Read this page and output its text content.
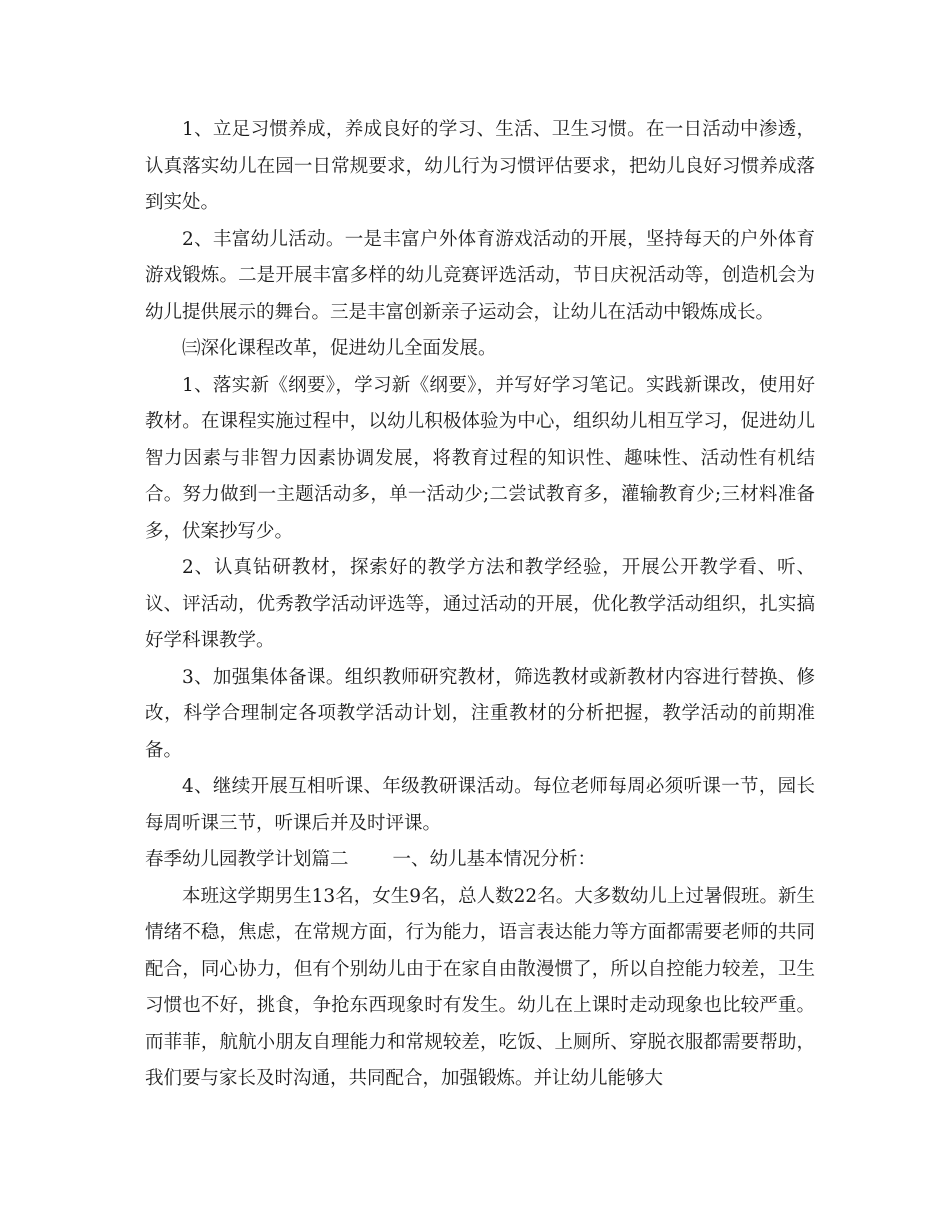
1、立足习惯养成，养成良好的学习、生活、卫生习惯。在一日活动中渗透，认真落实幼儿在园一日常规要求，幼儿行为习惯评估要求，把幼儿良好习惯养成落到实处。

2、丰富幼儿活动。一是丰富户外体育游戏活动的开展，坚持每天的户外体育游戏锻炼。二是开展丰富多样的幼儿竞赛评选活动，节日庆祝活动等，创造机会为幼儿提供展示的舞台。三是丰富创新亲子运动会，让幼儿在活动中锻炼成长。

㈢深化课程改革，促进幼儿全面发展。

1、落实新《纲要》，学习新《纲要》，并写好学习笔记。实践新课改，使用好教材。在课程实施过程中，以幼儿积极体验为中心，组织幼儿相互学习，促进幼儿智力因素与非智力因素协调发展，将教育过程的知识性、趣味性、活动性有机结合。努力做到一主题活动多，单一活动少;二尝试教育多，灌输教育少;三材料准备多，伏案抄写少。

2、认真钻研教材，探索好的教学方法和教学经验，开展公开教学看、听、议、评活动，优秀教学活动评选等，通过活动的开展，优化教学活动组织，扎实搞好学科课教学。

3、加强集体备课。组织教师研究教材，筛选教材或新教材内容进行替换、修改，科学合理制定各项教学活动计划，注重教材的分析把握，教学活动的前期准备。

4、继续开展互相听课、年级教研课活动。每位老师每周必须听课一节，园长每周听课三节，听课后并及时评课。

春季幼儿园教学计划篇二 一、幼儿基本情况分析：

本班这学期男生13名，女生9名，总人数22名。大多数幼儿上过暑假班。新生情绪不稳，焦虑，在常规方面，行为能力，语言表达能力等方面都需要老师的共同配合，同心协力，但有个别幼儿由于在家自由散漫惯了，所以自控能力较差，卫生习惯也不好，挑食，争抢东西现象时有发生。幼儿在上课时走动现象也比较严重。而菲菲，航航小朋友自理能力和常规较差，吃饭、上厕所、穿脱衣服都需要帮助，我们要与家长及时沟通，共同配合，加强锻炼。并让幼儿能够大
